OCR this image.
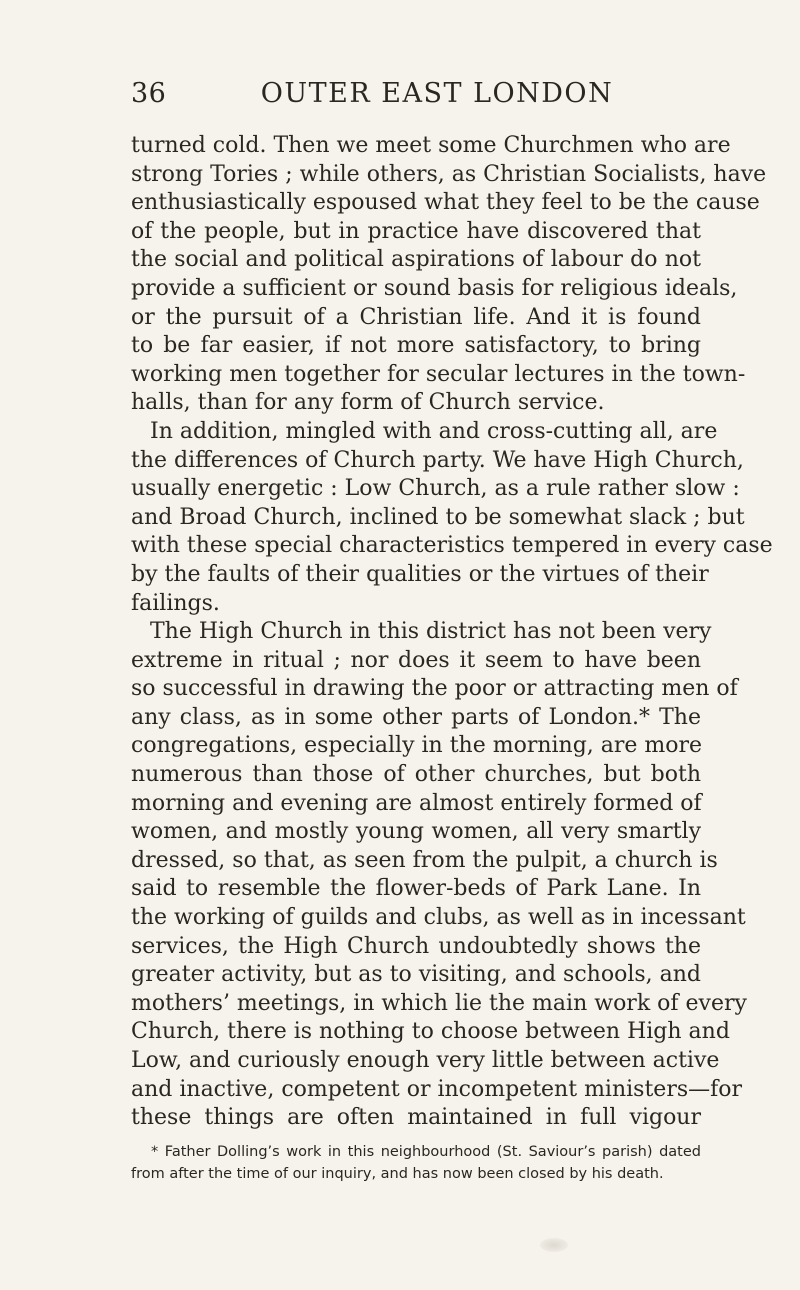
36	OUTER EAST LONDON
turned cold. Then we meet some Churchmen who are
strong Tories ; while others, as Christian Socialists, have
enthusiastically espoused what they feel to be the cause
of the people, but in practice have discovered that
the social and political aspirations of labour do not
provide a sufficient or sound basis for religious ideals,
or the pursuit of a Christian life. And it is found
to be far easier, if not more satisfactory, to bring
working men together for secular lectures in the town-
halls, than for any form of Church service.
In addition, mingled with and cross-cutting all, are
the differences of Church party. We have High Church,
usually energetic : Low Church, as a rule rather slow :
and Broad Church, inclined to be somewhat slack ; but
with these special characteristics tempered in every case
by the faults of their qualities or the virtues of their
failings.
The High Church in this district has not been very
extreme in ritual ; nor does it seem to have been
so successful in drawing the poor or attracting men of
any class, as in some other parts of London.* The
congregations, especially in the morning, are more
numerous than those of other churches, but both
morning and evening are almost entirely formed of
women, and mostly young women, all very smartly
dressed, so that, as seen from the pulpit, a church is
said to resemble the flower-beds of Park Lane. In
the working of guilds and clubs, as well as in incessant
services, the High Church undoubtedly shows the
greater activity, but as to visiting, and schools, and
mothers’ meetings, in which lie the main work of every
Church, there is nothing to choose between High and
Low, and curiously enough very little between active
and inactive, competent or incompetent ministers—for
these things are often maintained in full vigour
* Father Dolling’s work in this neighbourhood (St. Saviour’s parish) dated
from after the time of our inquiry, and has now been closed by his death.
